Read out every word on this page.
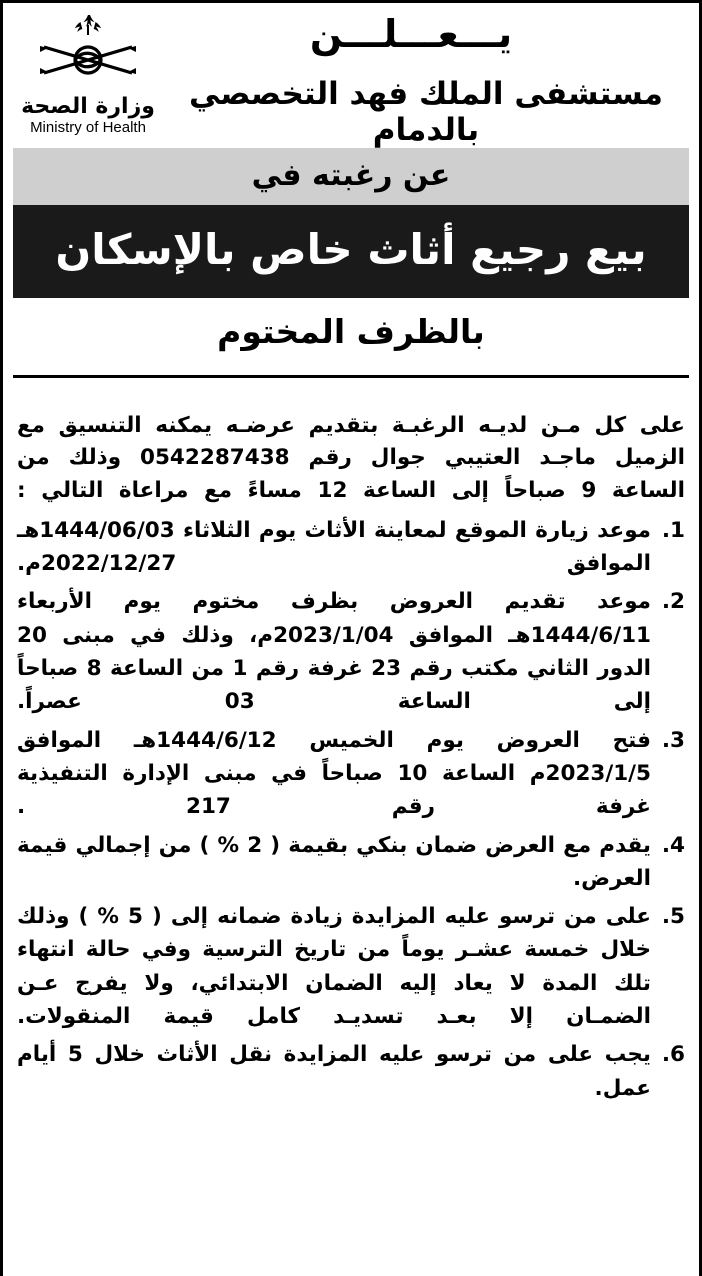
يـــعـــلـــن
مستشفى الملك فهد التخصصي بالدمام
وزارة الصحة
Ministry of Health
عن رغبته في
بيع رجيع أثاث خاص بالإسكان
بالظرف المختوم

على كل مـن لديـه الرغبـة بتقديم عرضـه يمكنه التنسيق مع الزميل ماجـد العتيبي جوال رقم 0542287438 وذلك من الساعة 9 صباحاً إلى الساعة 12 مساءً مع مراعاة التالي :

1.
موعد زيارة الموقع لمعاينة الأثاث يوم الثلاثاء 1444/06/03هـ الموافق 2022/12/27م.
2.
موعد تقديم العروض بظرف مختوم يوم الأربعاء 1444/6/11هـ الموافق 2023/1/04م، وذلك في مبنى 20 الدور الثاني مكتب رقم 23 غرفة رقم 1 من الساعة 8 صباحاً إلى الساعة 03 عصراً.
3.
فتح العروض يوم الخميس 1444/6/12هـ الموافق 2023/1/5م الساعة 10 صباحاً في مبنى الإدارة التنفيذية غرفة رقم 217 .
4.
يقدم مع العرض ضمان بنكي بقيمة ( 2 % ) من إجمالي قيمة العرض.
5.
على من ترسو عليه المزايدة زيادة ضمانه إلى ( 5 % ) وذلك خلال خمسة عشـر يوماً من تاريخ الترسية وفي حالة انتهاء تلك المدة لا يعاد إليه الضمان الابتدائي، ولا يفرج عـن الضمـان إلا بعـد تسديـد كامل قيمة المنقولات.
6.
يجب على من ترسو عليه المزايدة نقل الأثاث خلال 5 أيام عمل.
